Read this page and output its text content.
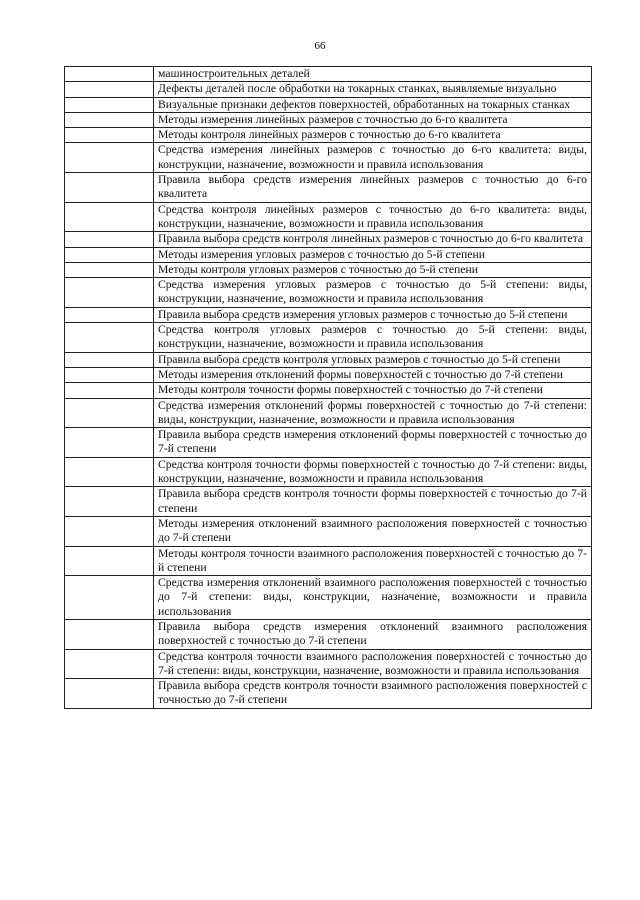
66
	машиностроительных деталей
	Дефекты деталей после обработки на токарных станках, выявляемые визуально
	Визуальные признаки дефектов поверхностей, обработанных на токарных станках
	Методы измерения линейных размеров с точностью до 6-го квалитета
	Методы контроля линейных размеров с точностью до 6-го квалитета
	Средства измерения линейных размеров с точностью до 6-го квалитета: виды, конструкции, назначение, возможности и правила использования
	Правила выбора средств измерения линейных размеров с точностью до 6-го квалитета
	Средства контроля линейных размеров с точностью до 6-го квалитета: виды, конструкции, назначение, возможности и правила использования
	Правила выбора средств контроля линейных размеров с точностью до 6-го квалитета
	Методы измерения угловых размеров с точностью до 5-й степени
	Методы контроля угловых размеров с точностью до 5-й степени
	Средства измерения угловых размеров с точностью до 5-й степени: виды, конструкции, назначение, возможности и правила использования
	Правила выбора средств измерения угловых размеров с точностью до 5-й степени
	Средства контроля угловых размеров с точностью до 5-й степени: виды, конструкции, назначение, возможности и правила использования
	Правила выбора средств контроля угловых размеров с точностью до 5-й степени
	Методы измерения отклонений формы поверхностей с точностью до 7-й степени
	Методы контроля точности формы поверхностей с точностью до 7-й степени
	Средства измерения отклонений формы поверхностей с точностью до 7-й степени: виды, конструкции, назначение, возможности и правила использования
	Правила выбора средств измерения отклонений формы поверхностей с точностью до 7-й степени
	Средства контроля точности формы поверхностей с точностью до 7-й степени: виды, конструкции, назначение, возможности и правила использования
	Правила выбора средств контроля точности формы поверхностей с точностью до 7-й степени
	Методы измерения отклонений взаимного расположения поверхностей с точностью до 7-й степени
	Методы контроля точности взаимного расположения поверхностей с точностью до 7-й степени
	Средства измерения отклонений взаимного расположения поверхностей с точностью до 7-й степени: виды, конструкции, назначение, возможности и правила использования
	Правила выбора средств измерения отклонений взаимного расположения поверхностей с точностью до 7-й степени
	Средства контроля точности взаимного расположения поверхностей с точностью до 7-й степени: виды, конструкции, назначение, возможности и правила использования
	Правила выбора средств контроля точности взаимного расположения поверхностей с точностью до 7-й степени
